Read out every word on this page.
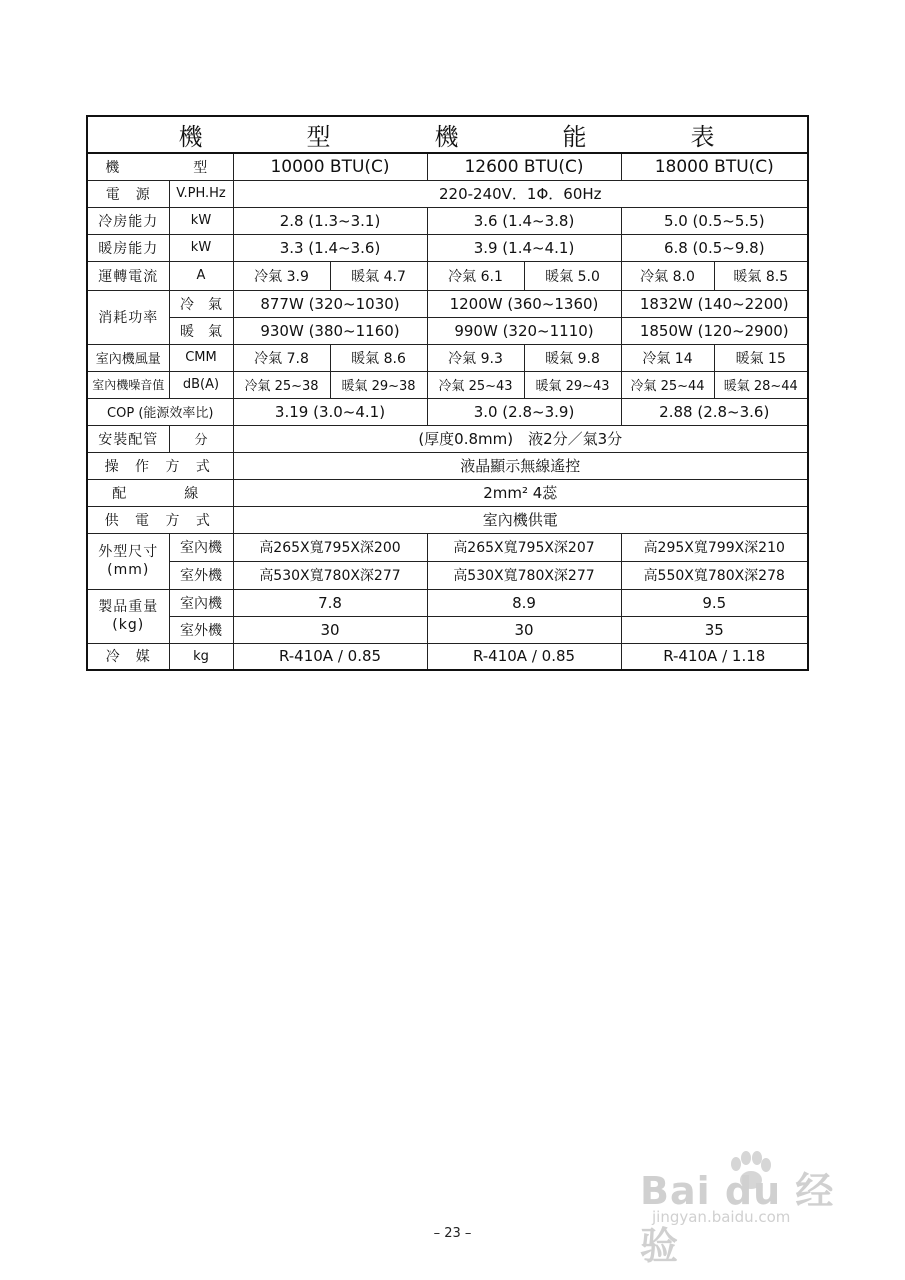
機　型　機　能　表							
機　　　型		10000 BTU(C)		12600 BTU(C)		18000 BTU(C)	
電　源	V.PH.Hz	220-240V．1Φ．60Hz					
冷房能力	kW	2.8 (1.3~3.1)		3.6 (1.4~3.8)		5.0 (0.5~5.5)	
暖房能力	kW	3.3 (1.4~3.6)		3.9 (1.4~4.1)		6.8 (0.5~9.8)	
運轉電流	A	冷氣 3.9	暖氣 4.7	冷氣 6.1	暖氣 5.0	冷氣 8.0	暖氣 8.5
消耗功率	冷　氣	877W (320~1030)		1200W (360~1360)		1832W (140~2200)	
	暖　氣	930W (380~1160)		990W (320~1110)		1850W (120~2900)	
室內機風量	CMM	冷氣 7.8	暖氣 8.6	冷氣 9.3	暖氣 9.8	冷氣 14	暖氣 15
室內機噪音值	dB(A)	冷氣 25~38	暖氣 29~38	冷氣 25~43	暖氣 29~43	冷氣 25~44	暖氣 28~44
COP (能源效率比)		3.19 (3.0~4.1)		3.0 (2.8~3.9)		2.88 (2.8~3.6)	
安裝配管	分	(厚度0.8mm)　液2分／氣3分					
操 作 方 式		液晶顯示無線遙控					
配　　線		2mm² 4蕊					
供 電 方 式		室內機供電					

外型尺寸
(mm)	室內機	高265X寬795X深200		高265X寬795X深207		高295X寬799X深210	
	室外機	高530X寬780X深277		高530X寬780X深277		高550X寬780X深278	

製品重量
(kg)	室內機	7.8		8.9		9.5	
	室外機	30		30		35	
冷　媒	kg	R-410A / 0.85		R-410A / 0.85		R-410A / 1.18	
Bai du 经验
jingyan.baidu.com
– 23 –
